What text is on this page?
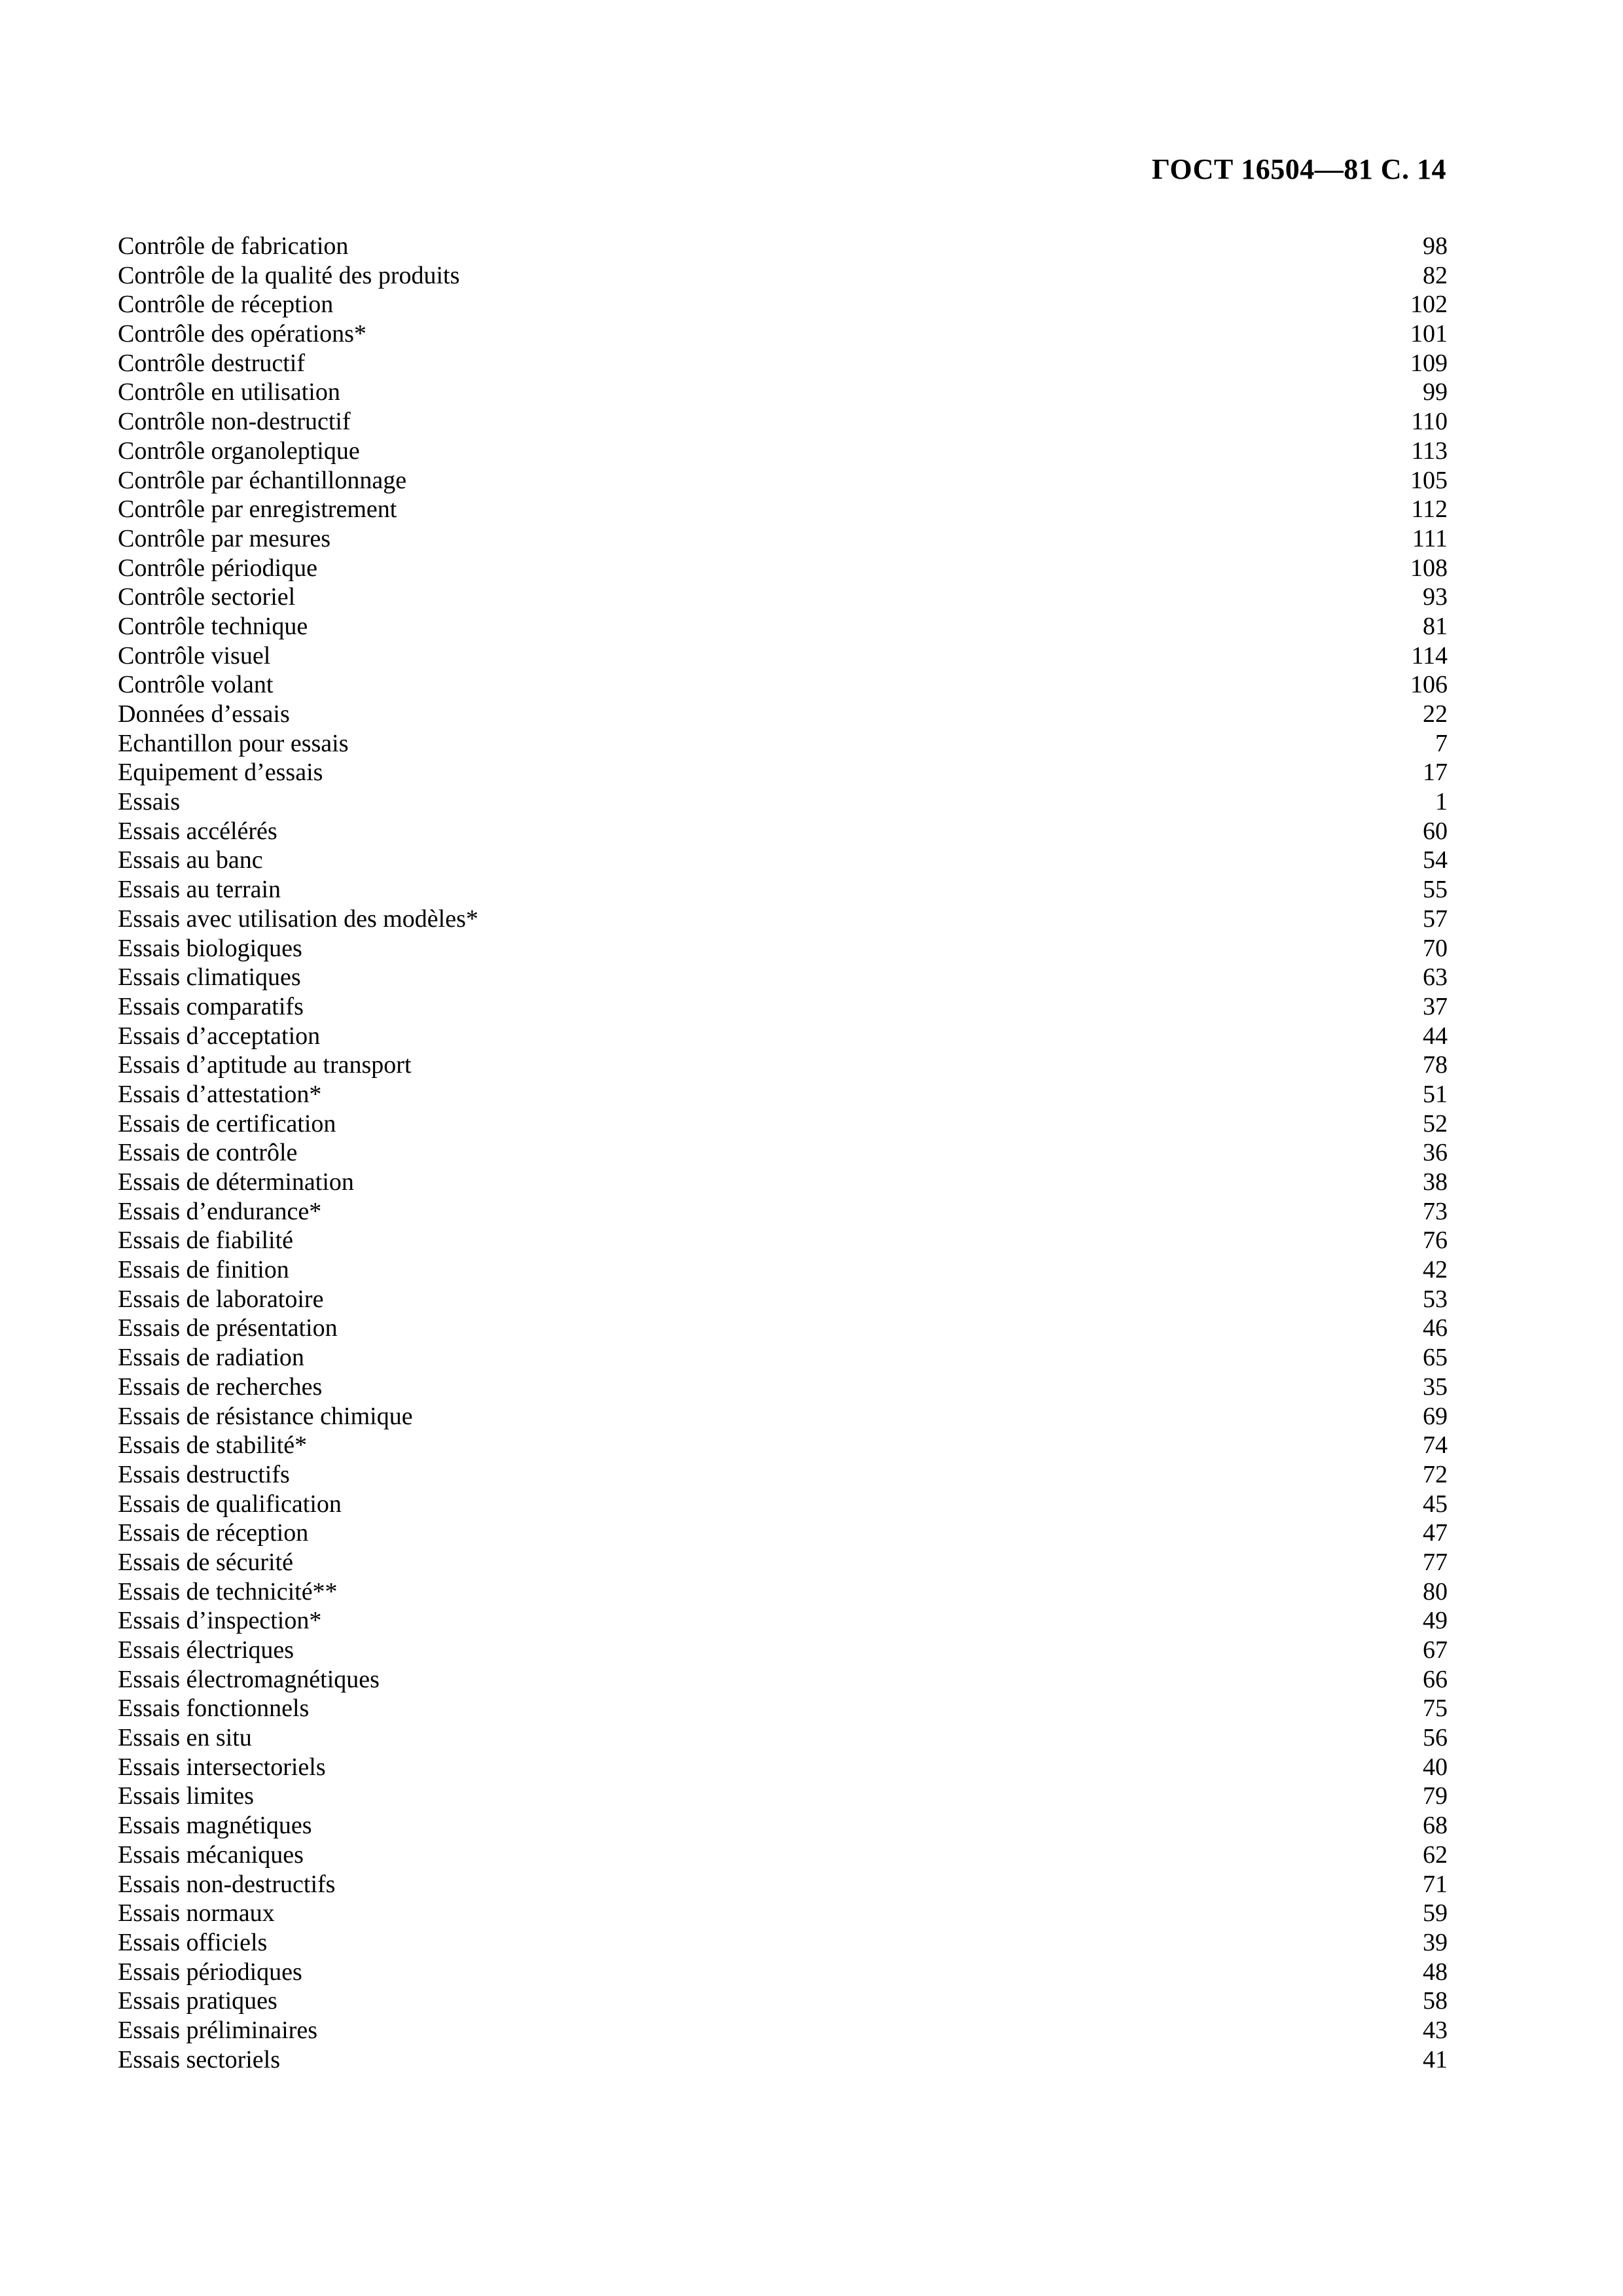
ГОСТ 16504—81 С. 14
Contrôle de fabrication	98
Contrôle de la qualité des produits	82
Contrôle de réception	102
Contrôle des opérations*	101
Contrôle destructif	109
Contrôle en utilisation	99
Contrôle non-destructif	110
Contrôle organoleptique	113
Contrôle par échantillonnage	105
Contrôle par enregistrement	112
Contrôle par mesures	111
Contrôle périodique	108
Contrôle sectoriel	93
Contrôle technique	81
Contrôle visuel	114
Contrôle volant	106
Données d’essais	22
Echantillon pour essais	7
Equipement d’essais	17
Essais	1
Essais accélérés	60
Essais au banc	54
Essais au terrain	55
Essais avec utilisation des modèles*	57
Essais biologiques	70
Essais climatiques	63
Essais comparatifs	37
Essais d’acceptation	44
Essais d’aptitude au transport	78
Essais d’attestation*	51
Essais de certification	52
Essais de contrôle	36
Essais de détermination	38
Essais d’endurance*	73
Essais de fiabilité	76
Essais de finition	42
Essais de laboratoire	53
Essais de présentation	46
Essais de radiation	65
Essais de recherches	35
Essais de résistance chimique	69
Essais de stabilité*	74
Essais destructifs	72
Essais de qualification	45
Essais de réception	47
Essais de sécurité	77
Essais de technicité**	80
Essais d’inspection*	49
Essais électriques	67
Essais électromagnétiques	66
Essais fonctionnels	75
Essais en situ	56
Essais intersectoriels	40
Essais limites	79
Essais magnétiques	68
Essais mécaniques	62
Essais non-destructifs	71
Essais normaux	59
Essais officiels	39
Essais périodiques	48
Essais pratiques	58
Essais préliminaires	43
Essais sectoriels	41
